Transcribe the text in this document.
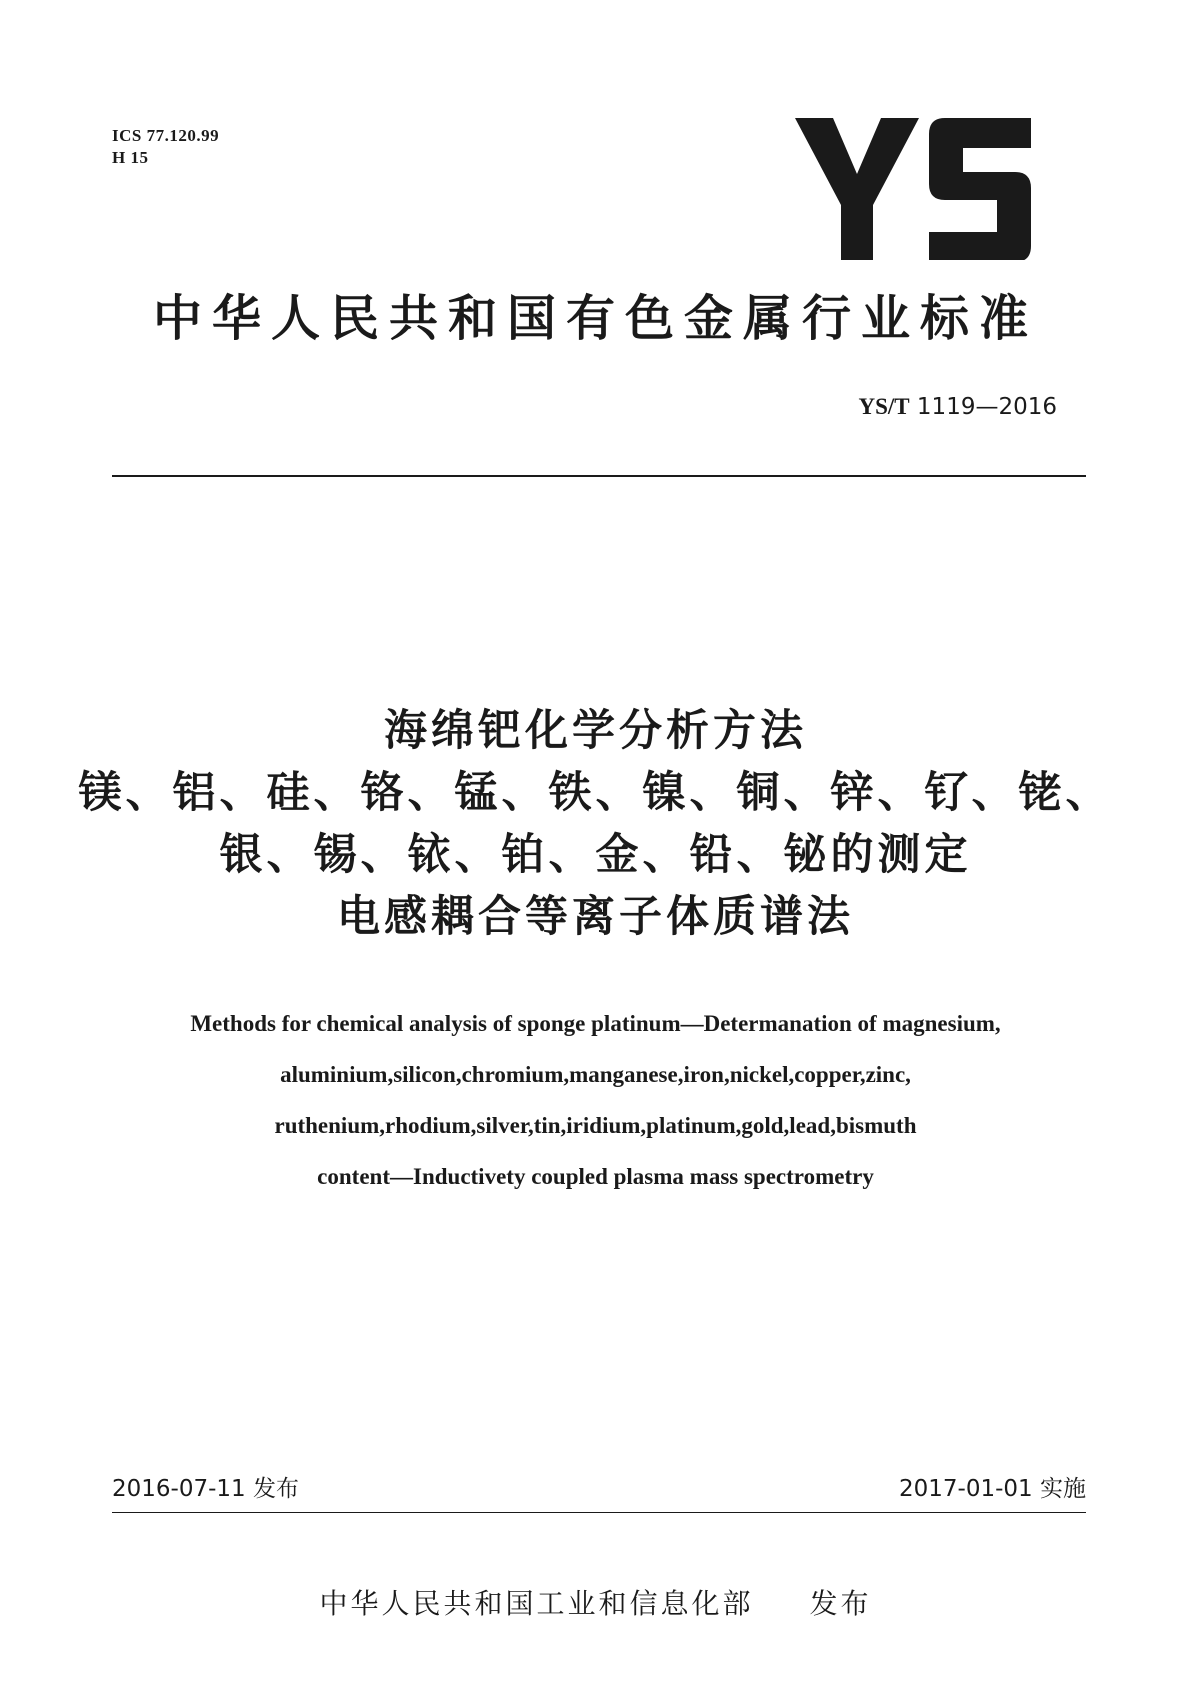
ICS 77.120.99
H 15
中华人民共和国有色金属行业标准
YS/T 1119—2016
海绵钯化学分析方法
镁、铝、硅、铬、锰、铁、镍、铜、锌、钌、铑、
银、锡、铱、铂、金、铅、铋的测定
电感耦合等离子体质谱法
Methods for chemical analysis of sponge platinum—Determanation of magnesium,
aluminium,silicon,chromium,manganese,iron,nickel,copper,zinc,
ruthenium,rhodium,silver,tin,iridium,platinum,gold,lead,bismuth
content—Inductivety coupled plasma mass spectrometry
2016-07-11 发布	2017-01-01 实施
中华人民共和国工业和信息化部 发布
